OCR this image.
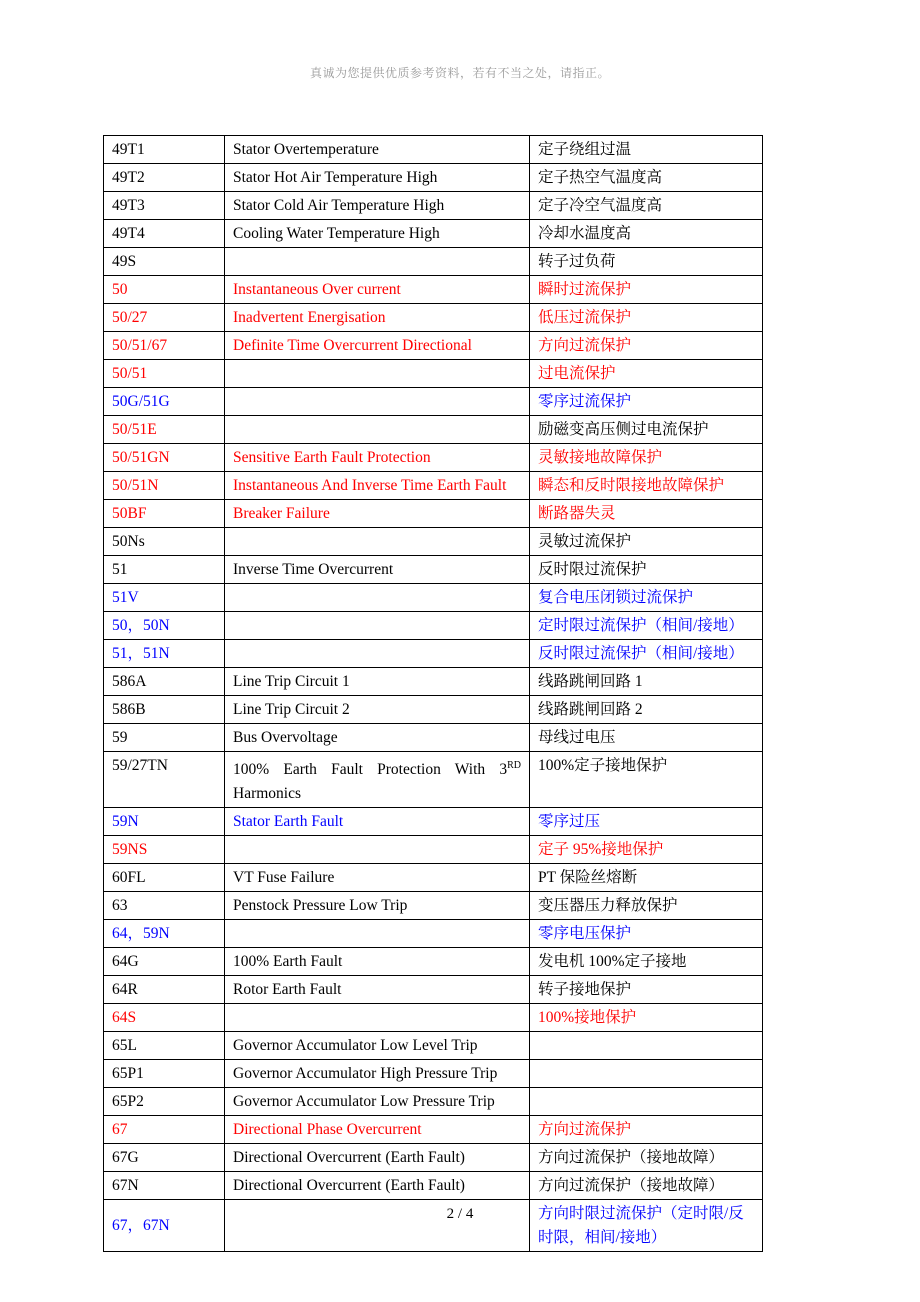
真诚为您提供优质参考资料，若有不当之处，请指正。
49T1	Stator Overtemperature	定子绕组过温
49T2	Stator Hot Air Temperature High	定子热空气温度高
49T3	Stator Cold Air Temperature High	定子冷空气温度高
49T4	Cooling Water Temperature High	冷却水温度高
49S		转子过负荷
50	Instantaneous Over current	瞬时过流保护
50/27	Inadvertent Energisation	低压过流保护
50/51/67	Definite Time Overcurrent Directional	方向过流保护
50/51		过电流保护
50G/51G		零序过流保护
50/51E		励磁变高压侧过电流保护
50/51GN	Sensitive Earth Fault Protection	灵敏接地故障保护
50/51N	Instantaneous And Inverse Time Earth Fault	瞬态和反时限接地故障保护
50BF	Breaker Failure	断路器失灵
50Ns		灵敏过流保护
51	Inverse Time Overcurrent	反时限过流保护
51V		复合电压闭锁过流保护
50，50N		定时限过流保护（相间/接地）
51，51N		反时限过流保护（相间/接地）
586A	Line Trip Circuit 1	线路跳闸回路 1
586B	Line Trip Circuit 2	线路跳闸回路 2
59	Bus Overvoltage	母线过电压
59/27TN	100% Earth Fault Protection With 3RD Harmonics	100%定子接地保护
59N	Stator Earth Fault	零序过压
59NS		定子 95%接地保护
60FL	VT Fuse Failure	PT 保险丝熔断
63	Penstock Pressure Low Trip	变压器压力释放保护
64，59N		零序电压保护
64G	100% Earth Fault	发电机 100%定子接地
64R	Rotor Earth Fault	转子接地保护
64S		100%接地保护
65L	Governor Accumulator Low Level Trip	
65P1	Governor Accumulator High Pressure Trip	
65P2	Governor Accumulator Low Pressure Trip	
67	Directional Phase Overcurrent	方向过流保护
67G	Directional Overcurrent (Earth Fault)	方向过流保护（接地故障）
67N	Directional Overcurrent (Earth Fault)	方向过流保护（接地故障）
67，67N		方向时限过流保护（定时限/反时限，相间/接地）
2 / 4
